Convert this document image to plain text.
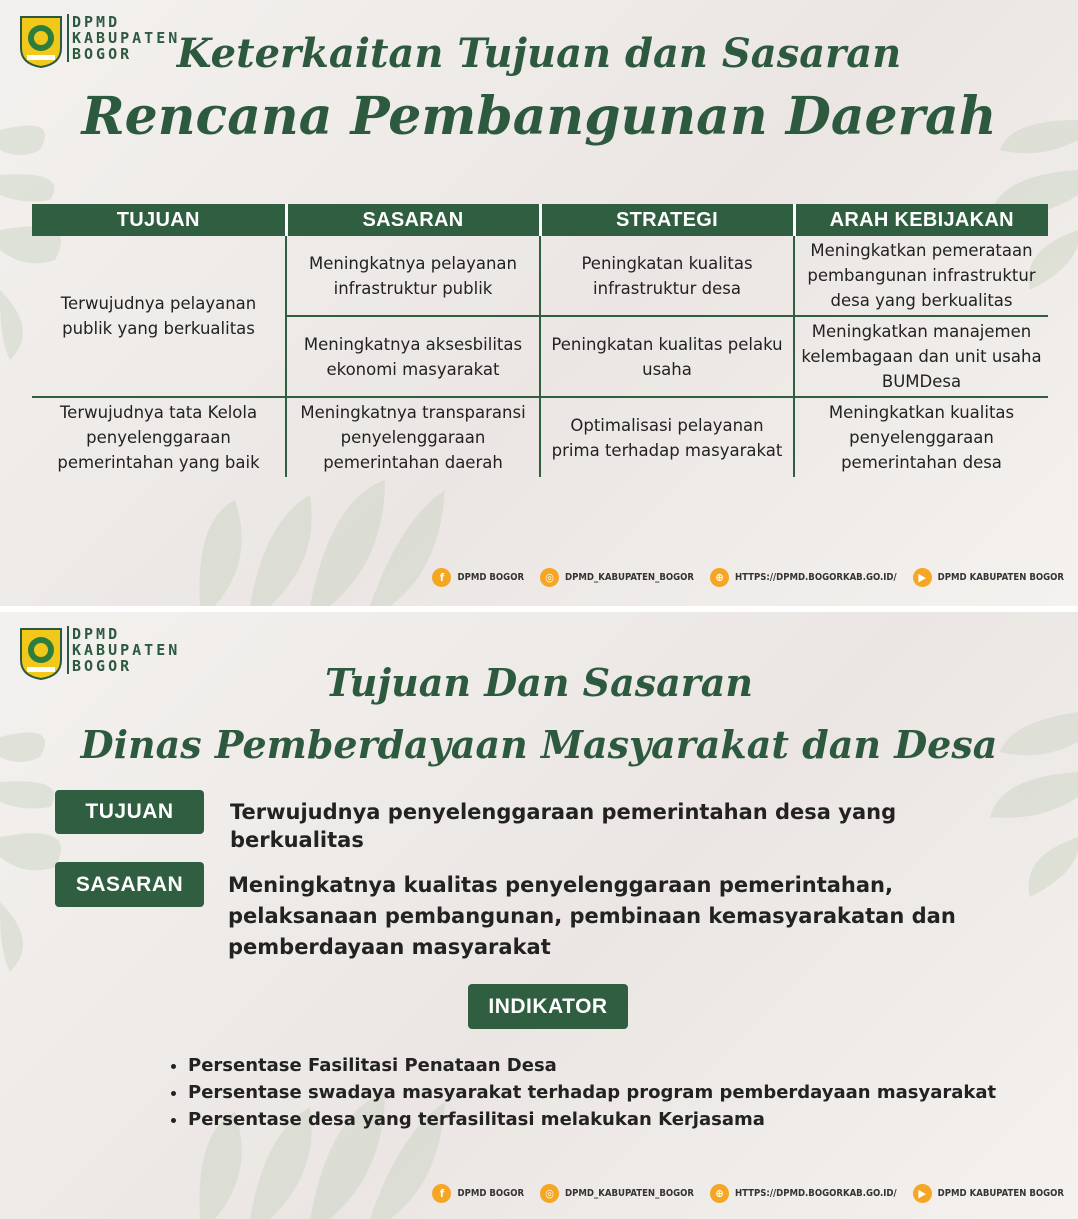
DPMD
KABUPATEN
BOGOR	Keterkaitan Tujuan dan Sasaran
Rencana Pembangunan Daerah
TUJUAN	SASARAN	STRATEGI	ARAH KEBIJAKAN
Terwujudnya pelayanan publik yang berkualitas	Meningkatnya pelayanan infrastruktur publik	Peningkatan kualitas infrastruktur desa	Meningkatkan pemerataan pembangunan infrastruktur desa yang berkualitas
	Meningkatnya aksesbilitas ekonomi masyarakat	Peningkatan kualitas pelaku usaha	Meningkatkan manajemen kelembagaan dan unit usaha BUMDesa
Terwujudnya tata Kelola penyelenggaraan pemerintahan yang baik	Meningkatnya transparansi penyelenggaraan pemerintahan daerah	Optimalisasi pelayanan prima terhadap masyarakat	Meningkatkan kualitas penyelenggaraan pemerintahan desa
f	DPMD BOGOR	◎	DPMD_KABUPATEN_BOGOR	⊕	HTTPS://DPMD.BOGORKAB.GO.ID/	▶	DPMD KABUPATEN BOGOR
DPMD
KABUPATEN
BOGOR	Tujuan Dan Sasaran
Dinas Pemberdayaan Masyarakat dan Desa
TUJUAN	Terwujudnya penyelenggaraan pemerintahan desa yang berkualitas
SASARAN	Meningkatnya kualitas penyelenggaraan pemerintahan, pelaksanaan pembangunan, pembinaan kemasyarakatan dan pemberdayaan masyarakat
INDIKATOR
• Persentase Fasilitasi Penataan Desa
• Persentase swadaya masyarakat terhadap program pemberdayaan masyarakat
• Persentase desa yang terfasilitasi melakukan Kerjasama
f	DPMD BOGOR	◎	DPMD_KABUPATEN_BOGOR	⊕	HTTPS://DPMD.BOGORKAB.GO.ID/	▶	DPMD KABUPATEN BOGOR
